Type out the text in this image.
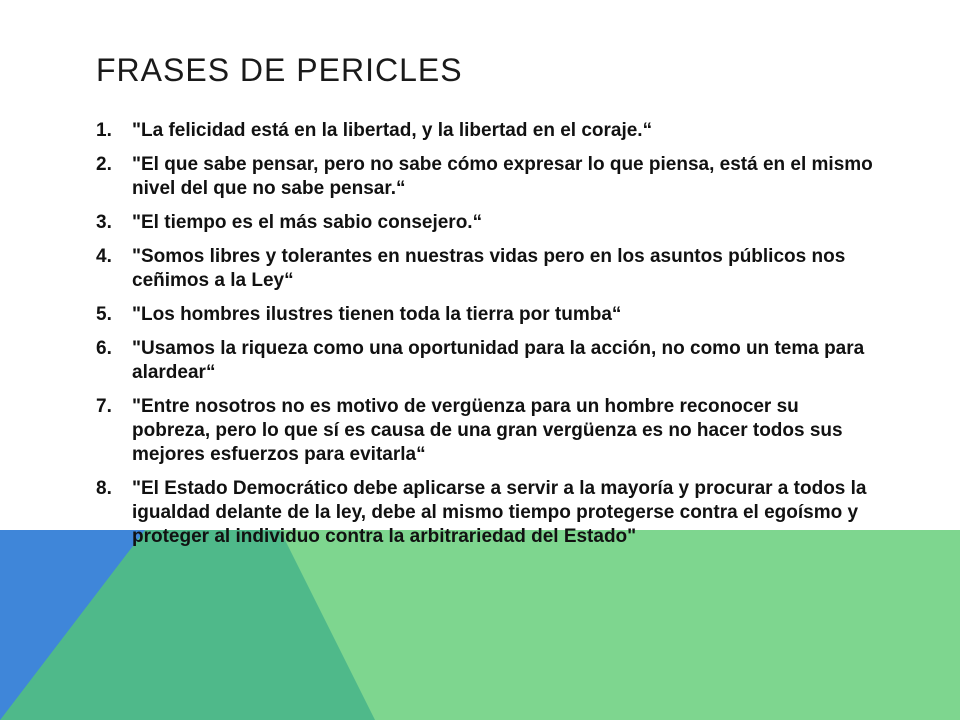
FRASES DE PERICLES
1.	"La felicidad está en la libertad, y la libertad en el coraje.“
2.	"El que sabe pensar, pero no sabe cómo expresar lo que piensa, está en el mismo nivel del que no sabe pensar.“
3.	"El tiempo es el más sabio consejero.“
4.	"Somos libres y tolerantes en nuestras vidas pero en los asuntos públicos nos ceñimos a la Ley“
5.	"Los hombres ilustres tienen toda la tierra por tumba“
6.	"Usamos la riqueza como una oportunidad para la acción, no como un tema para alardear“
7.	"Entre nosotros no es motivo de vergüenza para un hombre reconocer su pobreza, pero lo que sí es causa de una gran vergüenza es no hacer todos sus mejores esfuerzos para evitarla“
8.	"El Estado Democrático debe aplicarse a servir a la mayoría y procurar a todos la igualdad delante de la ley, debe al mismo tiempo protegerse contra el egoísmo y proteger al individuo contra la arbitrariedad del Estado"
